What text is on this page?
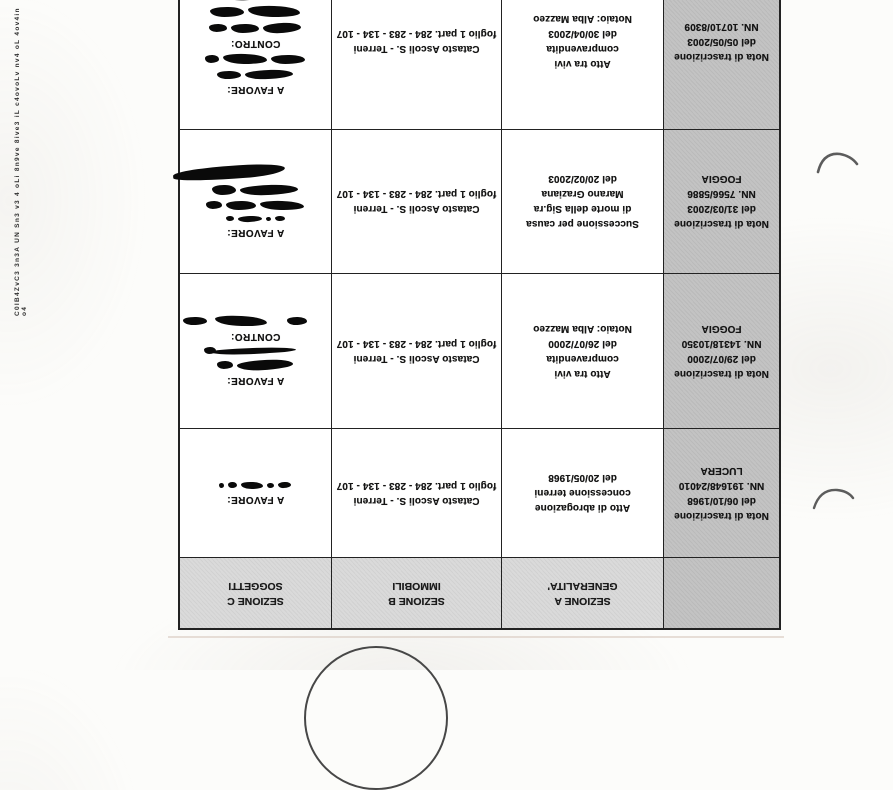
C0IB4ZvC3 3n3A UN Sn3 v3 4 oLi 8n9ve 8ive3 iL c4ovoLv nv4 oL 4ov4in o4
SEZIONE A
GENERALITA'
SEZIONE B
IMMOBILI
SEZIONE C
SOGGETTI
Nota di trascrizione
del 06/10/1968
NN. 191648/24010
LUCERA
Atto di abrogazione
concessione terreni
del 20/05/1968
Catasto Ascoli S. - Terreni
foglio 1 part. 284 - 283 - 134 - 107
A FAVORE:
Nota di trascrizione
del 29/07/2000
NN. 14318/10350
FOGGIA
Atto tra vivi
compravendita
del 26/07/2000
Notaio: Alba Mazzeo
Catasto Ascoli S. - Terreni
foglio 1 part. 284 - 283 - 134 - 107
A FAVORE:
CONTRO:
Nota di trascrizione
del 31/03/2003
NN. 7566/5886
FOGGIA
Successione per causa
di morte della Sig.ra
Marano Graziana
del 20/02/2003
Catasto Ascoli S. - Terreni
foglio 1 part. 284 - 283 - 134 - 107
A FAVORE:
Nota di trascrizione
del 05/05/2003
NN. 10710/8309
Atto tra vivi
compravendita
del 30/04/2003
Notaio: Alba Mazzeo
Catasto Ascoli S. - Terreni
foglio 1 part. 284 - 283 - 134 - 107
A FAVORE:
CONTRO:
